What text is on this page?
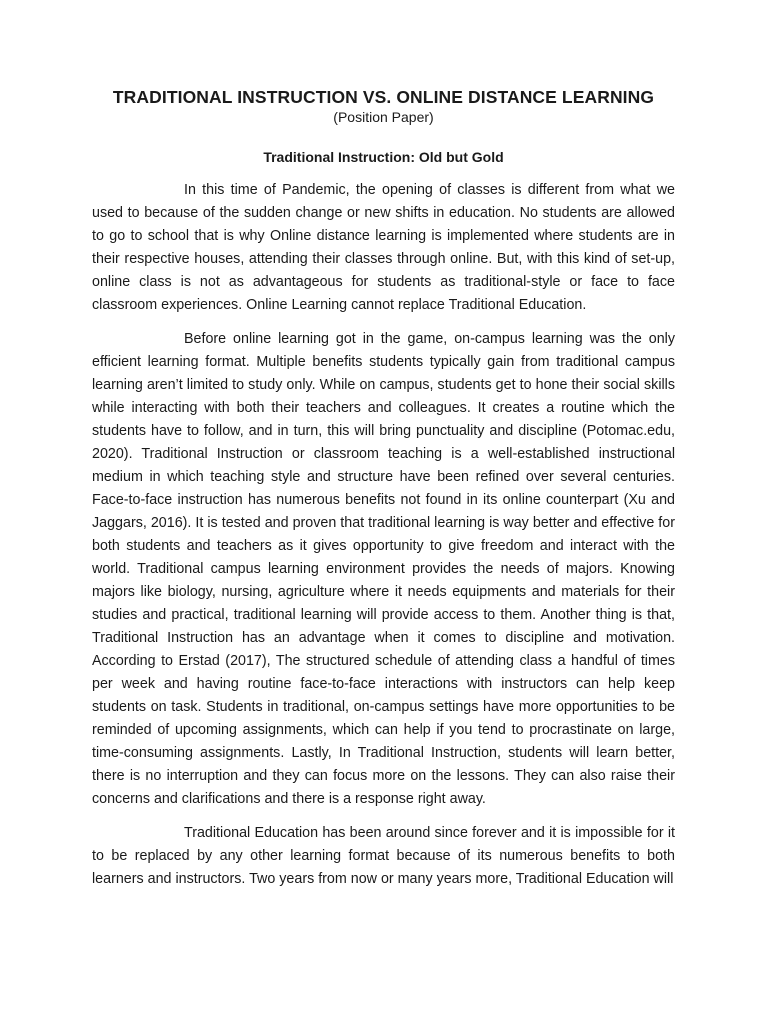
TRADITIONAL INSTRUCTION VS. ONLINE DISTANCE LEARNING

(Position Paper)

Traditional Instruction: Old but Gold

In this time of Pandemic, the opening of classes is different from what we used to because of the sudden change or new shifts in education. No students are allowed to go to school that is why Online distance learning is implemented where students are in their respective houses, attending their classes through online. But, with this kind of set-up, online class is not as advantageous for students as traditional-style or face to face classroom experiences. Online Learning cannot replace Traditional Education.

Before online learning got in the game, on-campus learning was the only efficient learning format. Multiple benefits students typically gain from traditional campus learning aren’t limited to study only. While on campus, students get to hone their social skills while interacting with both their teachers and colleagues. It creates a routine which the students have to follow, and in turn, this will bring punctuality and discipline (Potomac.edu, 2020). Traditional Instruction or classroom teaching is a well-established instructional medium in which teaching style and structure have been refined over several centuries. Face-to-face instruction has numerous benefits not found in its online counterpart (Xu and Jaggars, 2016). It is tested and proven that traditional learning is way better and effective for both students and teachers as it gives opportunity to give freedom and interact with the world. Traditional campus learning environment provides the needs of majors. Knowing majors like biology, nursing, agriculture where it needs equipments and materials for their studies and practical, traditional learning will provide access to them. Another thing is that, Traditional Instruction has an advantage when it comes to discipline and motivation. According to Erstad (2017), The structured schedule of attending class a handful of times per week and having routine face-to-face interactions with instructors can help keep students on task. Students in traditional, on-campus settings have more opportunities to be reminded of upcoming assignments, which can help if you tend to procrastinate on large, time-consuming assignments. Lastly, In Traditional Instruction, students will learn better, there is no interruption and they can focus more on the lessons. They can also raise their concerns and clarifications and there is a response right away.

Traditional Education has been around since forever and it is impossible for it to be replaced by any other learning format because of its numerous benefits to both learners and instructors. Two years from now or many years more, Traditional Education will
